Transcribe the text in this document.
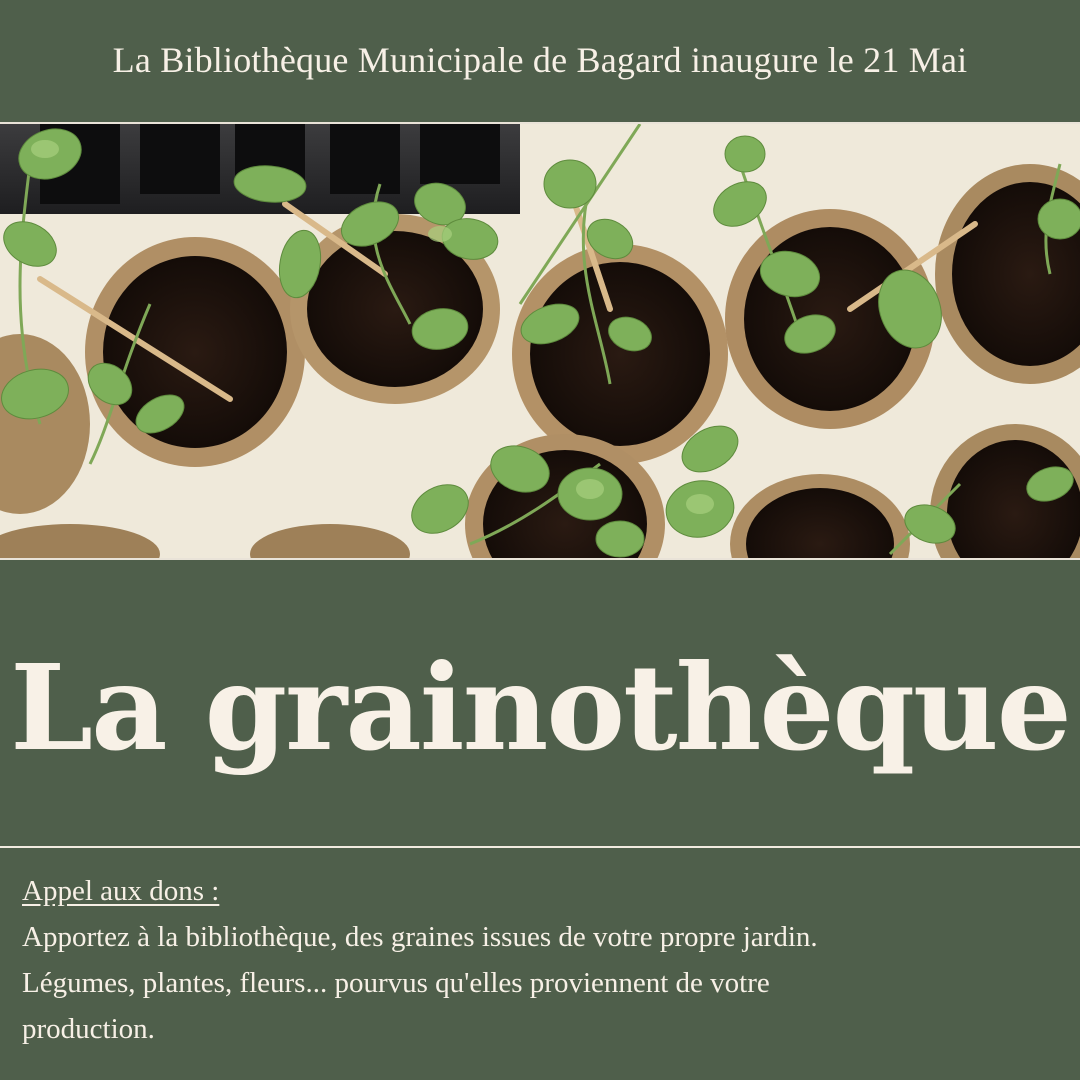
La Bibliothèque Municipale de Bagard inaugure le 21 Mai
La grainothèque
Appel aux dons :
Apportez à la bibliothèque, des graines issues de votre propre jardin.
Légumes, plantes, fleurs... pourvus qu'elles proviennent de votre
production.
